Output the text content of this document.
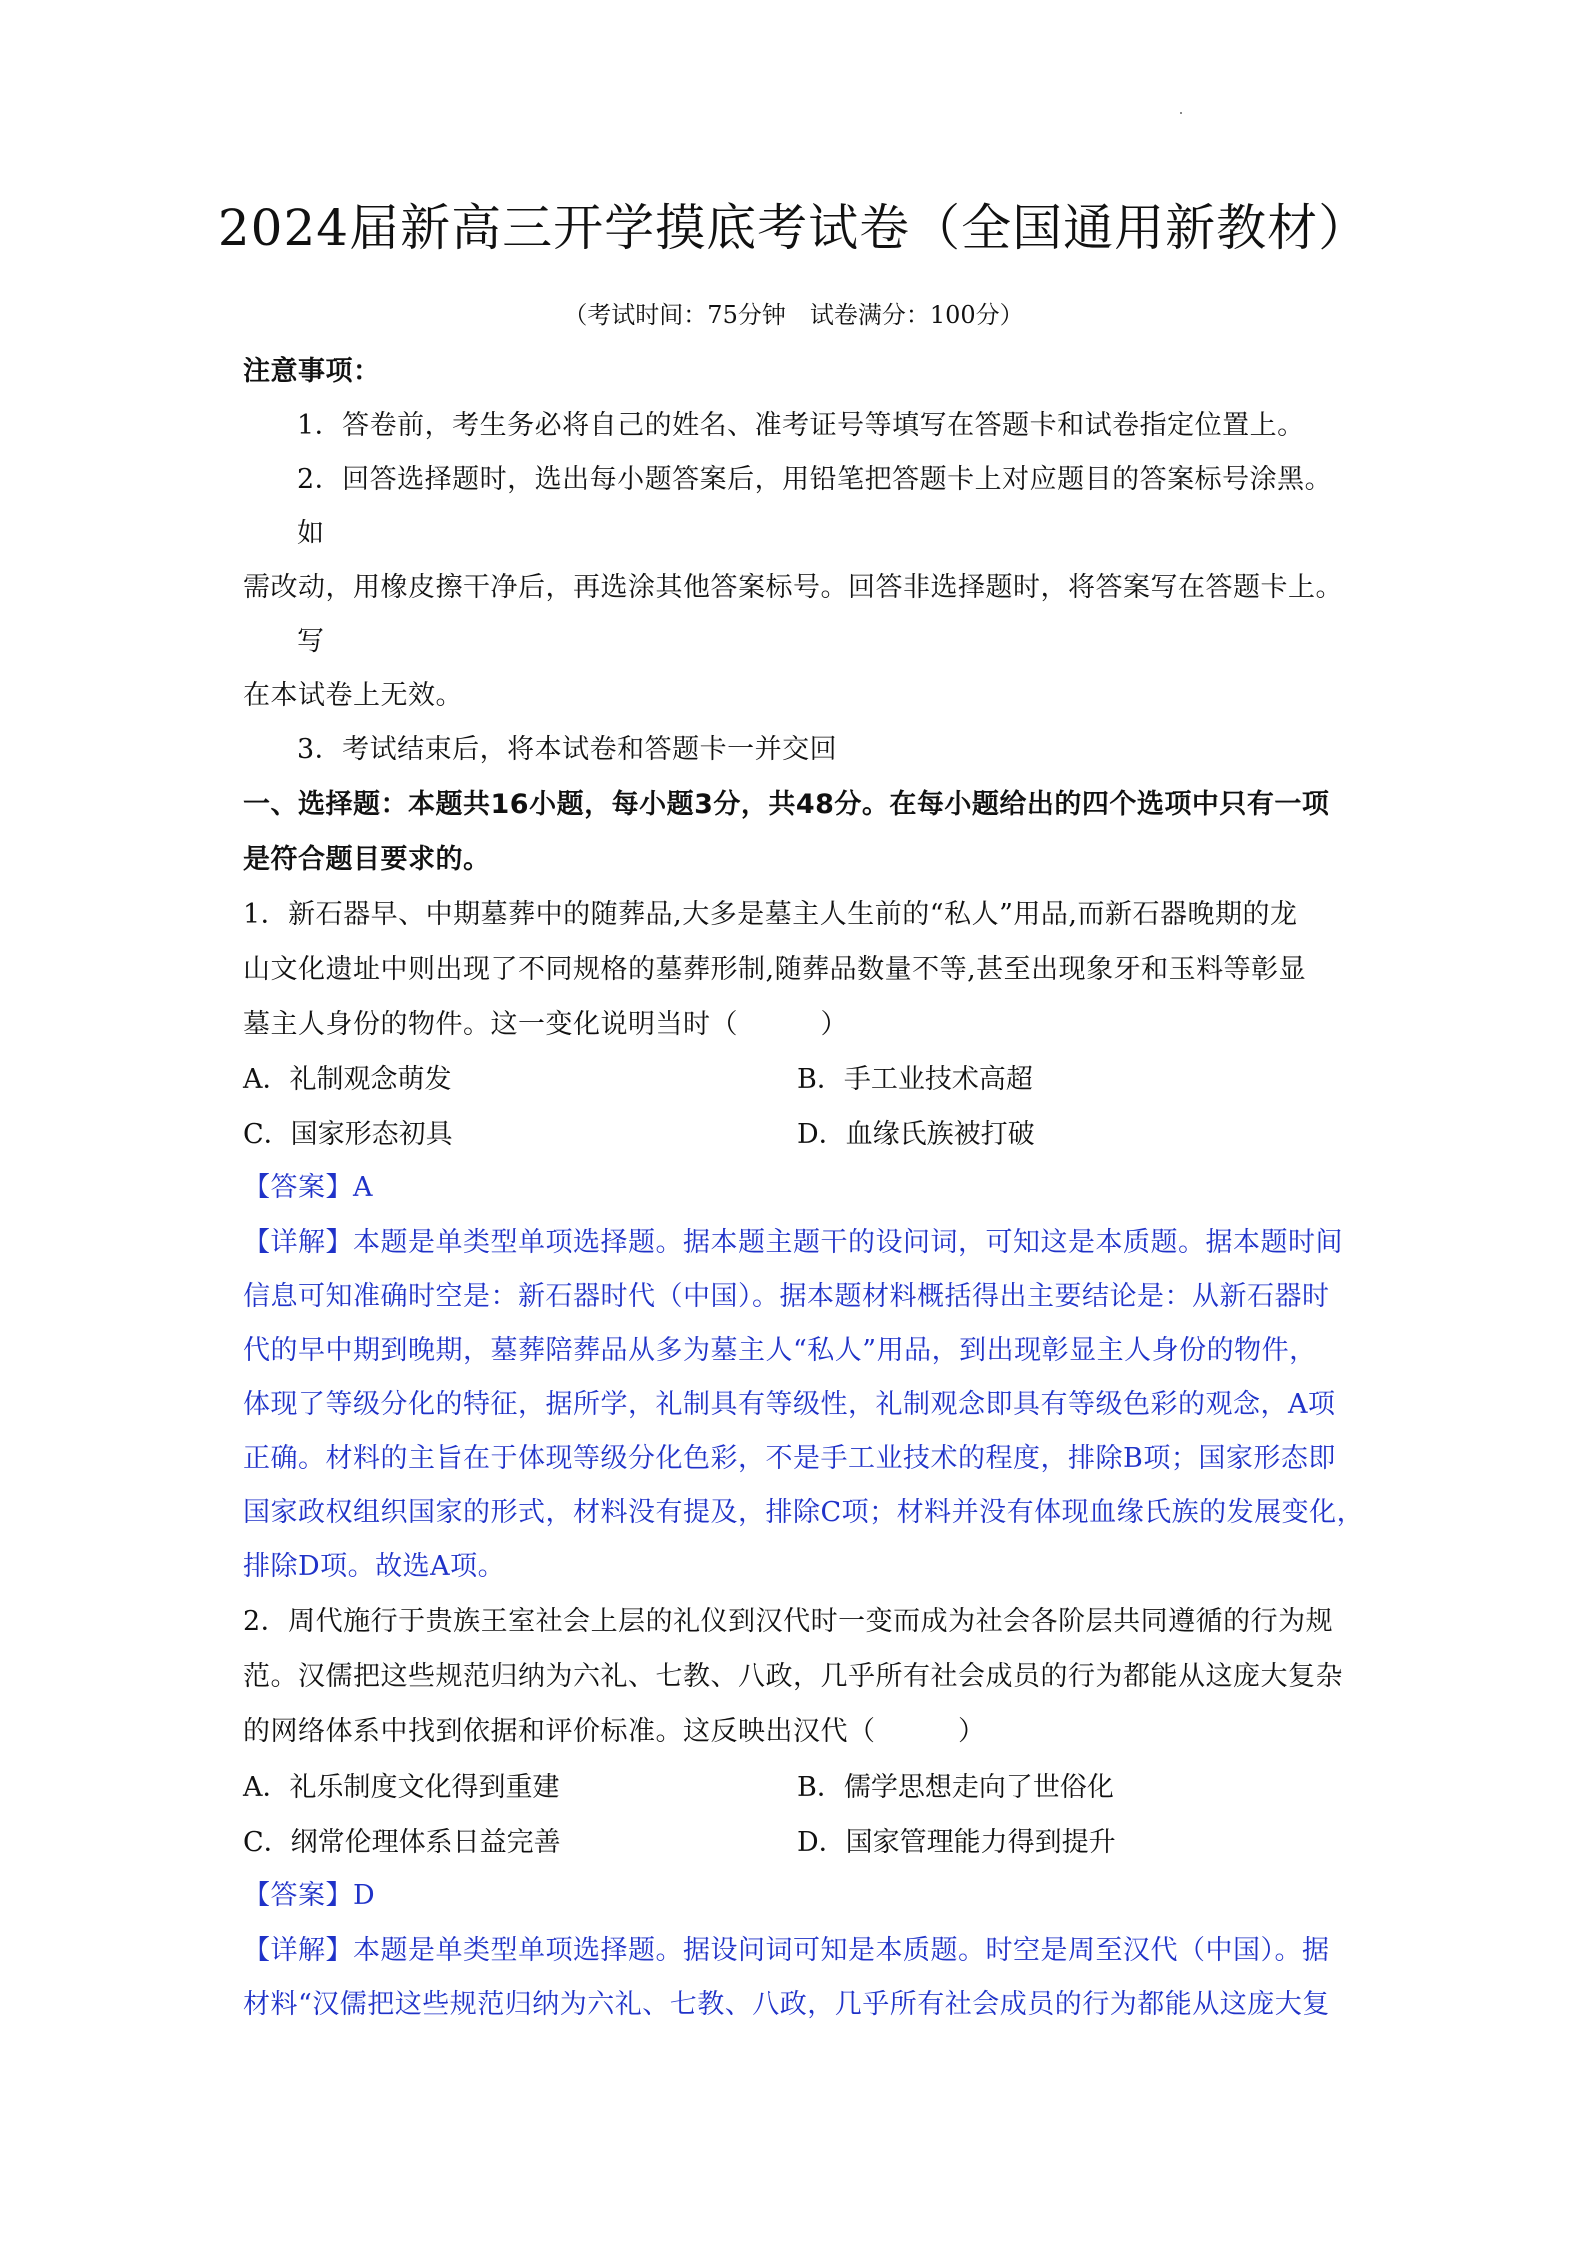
2024届新高三开学摸底考试卷（全国通用新教材）
（考试时间：75分钟　试卷满分：100分）
注意事项：
1．答卷前，考生务必将自己的姓名、准考证号等填写在答题卡和试卷指定位置上。
2．回答选择题时，选出每小题答案后，用铅笔把答题卡上对应题目的答案标号涂黑。
如
需改动，用橡皮擦干净后，再选涂其他答案标号。回答非选择题时，将答案写在答题卡上。
写
在本试卷上无效。
3．考试结束后，将本试卷和答题卡一并交回
一、选择题：本题共16小题，每小题3分，共48分。在每小题给出的四个选项中只有一项
是符合题目要求的。
1．新石器早、中期墓葬中的随葬品,大多是墓主人生前的“私人”用品,而新石器晚期的龙
山文化遗址中则出现了不同规格的墓葬形制,随葬品数量不等,甚至出现象牙和玉料等彰显
墓主人身份的物件。这一变化说明当时（　　　）
A．礼制观念萌发	B．手工业技术高超
C．国家形态初具	D．血缘氏族被打破
【答案】A
【详解】本题是单类型单项选择题。据本题主题干的设问词，可知这是本质题。据本题时间
信息可知准确时空是：新石器时代（中国）。据本题材料概括得出主要结论是：从新石器时
代的早中期到晚期，墓葬陪葬品从多为墓主人“私人”用品，到出现彰显主人身份的物件，
体现了等级分化的特征，据所学，礼制具有等级性，礼制观念即具有等级色彩的观念，A项
正确。材料的主旨在于体现等级分化色彩，不是手工业技术的程度，排除B项；国家形态即
国家政权组织国家的形式，材料没有提及，排除C项；材料并没有体现血缘氏族的发展变化，
排除D项。故选A项。
2．周代施行于贵族王室社会上层的礼仪到汉代时一变而成为社会各阶层共同遵循的行为规
范。汉儒把这些规范归纳为六礼、七教、八政，几乎所有社会成员的行为都能从这庞大复杂
的网络体系中找到依据和评价标准。这反映出汉代（　　　）
A．礼乐制度文化得到重建	B．儒学思想走向了世俗化
C．纲常伦理体系日益完善	D．国家管理能力得到提升
【答案】D
【详解】本题是单类型单项选择题。据设问词可知是本质题。时空是周至汉代（中国）。据
材料“汉儒把这些规范归纳为六礼、七教、八政，几乎所有社会成员的行为都能从这庞大复
